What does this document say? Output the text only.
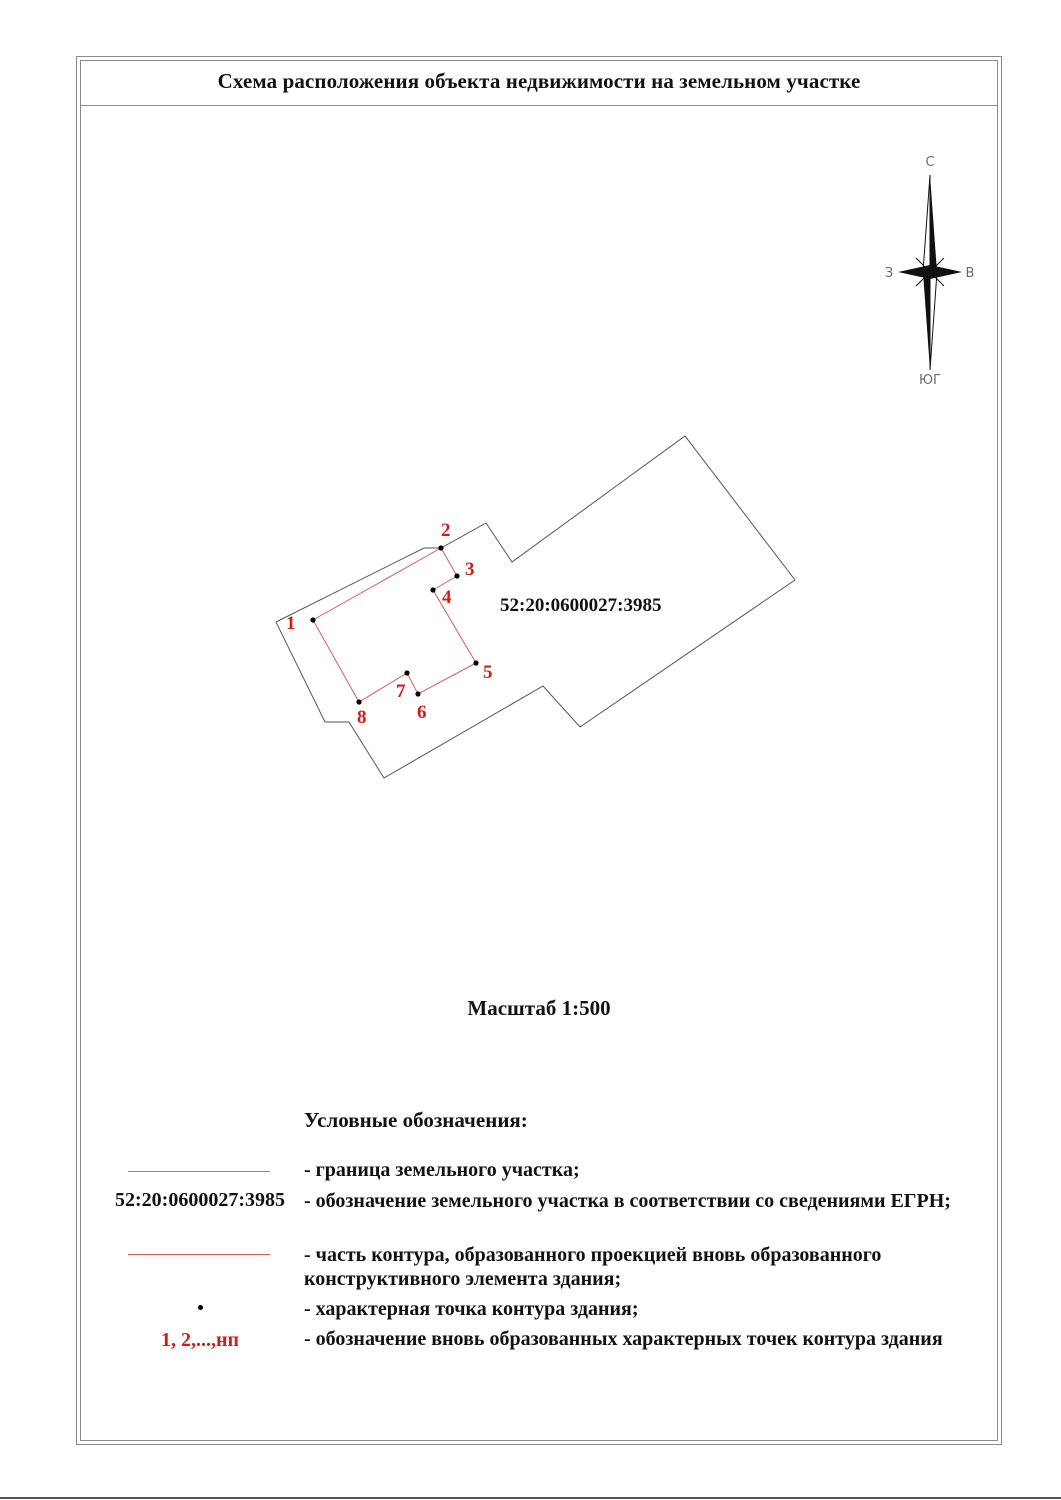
Схема расположения объекта недвижимости на земельном участке
С
ЮГ
З	В
1
2
3
4
5
6
7
8
52:20:0600027:3985
Масштаб 1:500
Условные обозначения:
- граница земельного участка;
52:20:0600027:3985 - обозначение земельного участка в соответствии со сведениями ЕГРН;
- часть контура, образованного проекцией вновь образованного конструктивного элемента здания;
- характерная точка контура здания;
1, 2,...,нп	- обозначение вновь образованных характерных точек контура здания
